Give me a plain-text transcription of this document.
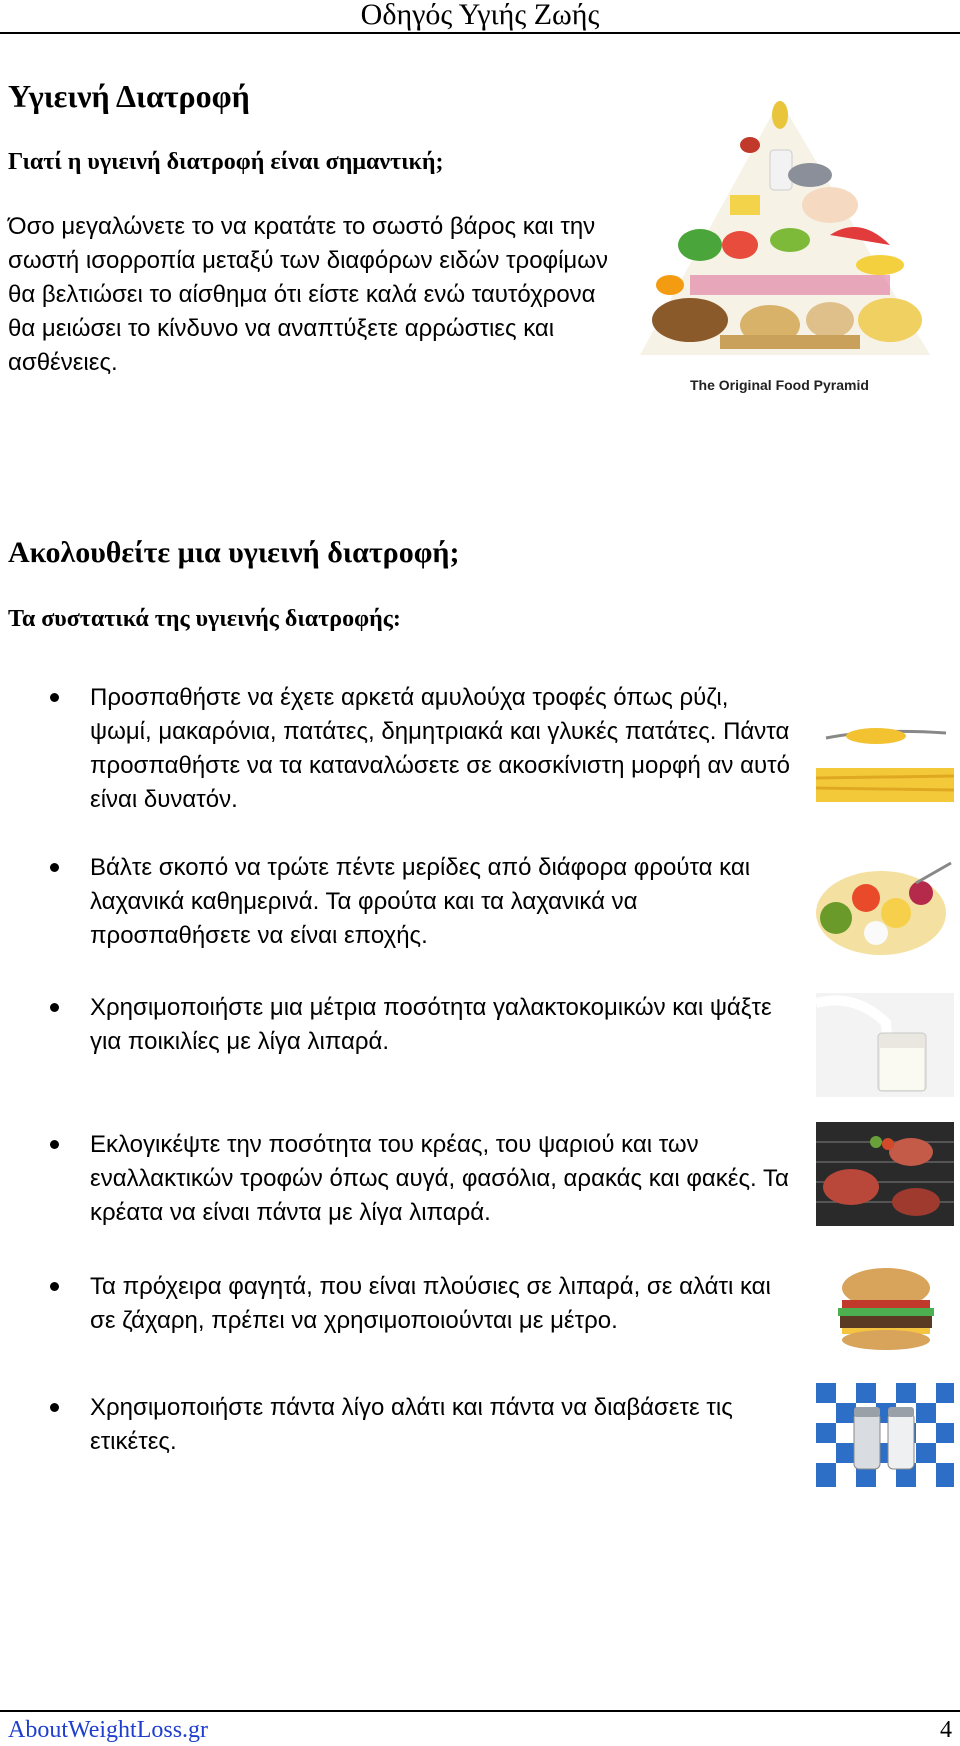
Οδηγός Υγιής Ζωής
Υγιεινή Διατροφή
Γιατί η υγιεινή διατροφή είναι σημαντική;
Όσο μεγαλώνετε το να κρατάτε το σωστό βάρος και την σωστή ισορροπία μεταξύ των διαφόρων ειδών τροφίμων θα βελτιώσει το αίσθημα ότι είστε καλά ενώ ταυτόχρονα θα μειώσει το κίνδυνο να αναπτύξετε αρρώστιες και ασθένειες.
The Original Food Pyramid
Ακολουθείτε μια υγιεινή διατροφή;
Τα συστατικά της υγιεινής διατροφής:
Προσπαθήστε να έχετε αρκετά αμυλούχα τροφές όπως ρύζι, ψωμί, μακαρόνια, πατάτες, δημητριακά και γλυκές πατάτες. Πάντα προσπαθήστε να τα καταναλώσετε σε ακοσκίνιστη μορφή αν αυτό είναι δυνατόν.
Βάλτε σκοπό να τρώτε πέντε μερίδες από διάφορα φρούτα και λαχανικά καθημερινά. Τα φρούτα και τα λαχανικά να προσπαθήσετε να είναι εποχής.
Χρησιμοποιήστε μια μέτρια ποσότητα γαλακτοκομικών και ψάξτε για ποικιλίες με λίγα λιπαρά.
Εκλογικέψτε την ποσότητα του κρέας, του ψαριού και των εναλλακτικών τροφών όπως αυγά, φασόλια, αρακάς και φακές. Τα κρέατα να είναι πάντα με λίγα λιπαρά.
Τα πρόχειρα φαγητά, που είναι πλούσιες σε λιπαρά, σε αλάτι και σε ζάχαρη, πρέπει να χρησιμοποιούνται με μέτρο.
Χρησιμοποιήστε πάντα λίγο αλάτι και πάντα να διαβάσετε τις ετικέτες.
AboutWeightLoss.gr	4
